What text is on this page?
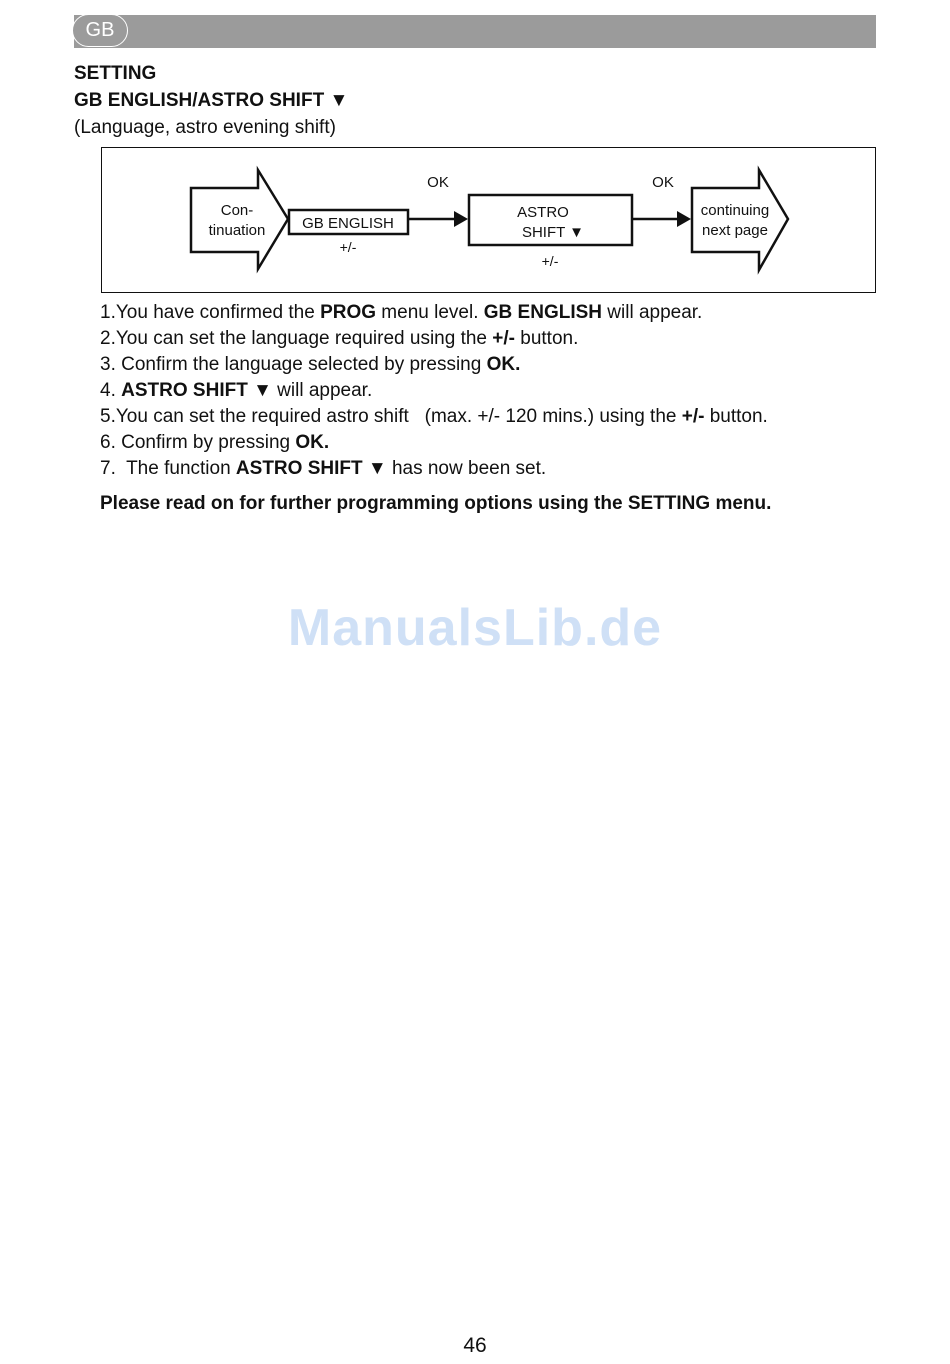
GB
SETTING
GB ENGLISH/ASTRO SHIFT ▼
(Language, astro evening shift)
Con-
tinuation GB ENGLISH
+/-
OK
ASTRO
SHIFT ▼
+/-
OK
continuing
next page
1.You have confirmed the PROG menu level. GB ENGLISH will appear.
2.You can set the language required using the +/- button.
3. Confirm the language selected by pressing OK.
4. ASTRO SHIFT ▼ will appear.
5.You can set the required astro shift   (max. +/- 120 mins.) using the +/- button.
6. Confirm by pressing OK.
7.  The function ASTRO SHIFT ▼ has now been set.
Please read on for further programming options using the SETTING menu.
ManualsLib.de
46
